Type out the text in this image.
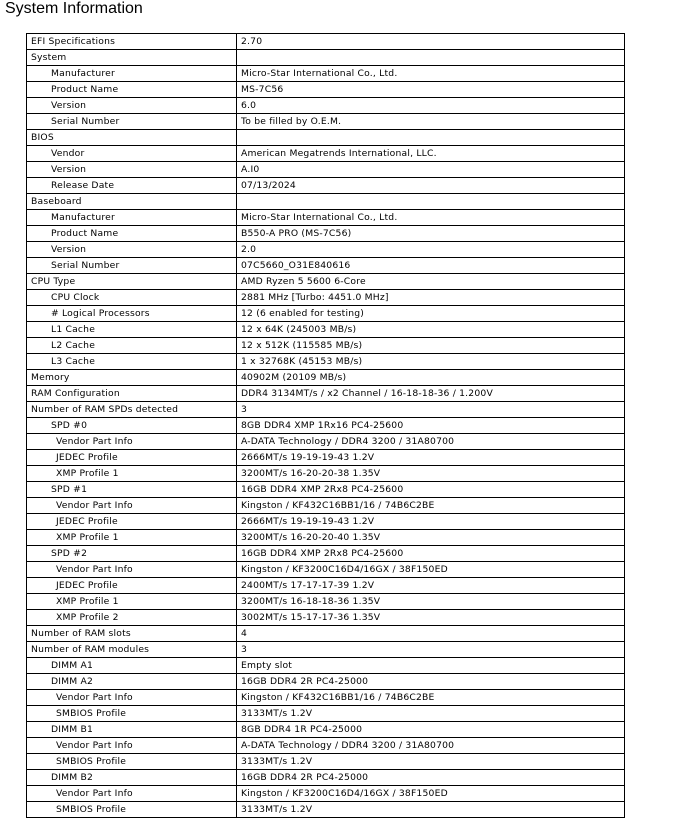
System Information
EFI Specifications	2.70
System	
Manufacturer	Micro-Star International Co., Ltd.
Product Name	MS-7C56
Version	6.0
Serial Number	To be filled by O.E.M.
BIOS	
Vendor	American Megatrends International, LLC.
Version	A.I0
Release Date	07/13/2024
Baseboard	
Manufacturer	Micro-Star International Co., Ltd.
Product Name	B550-A PRO (MS-7C56)
Version	2.0
Serial Number	07C5660_O31E840616
CPU Type	AMD Ryzen 5 5600 6-Core
CPU Clock	2881 MHz [Turbo: 4451.0 MHz]
# Logical Processors	12 (6 enabled for testing)
L1 Cache	12 x 64K (245003 MB/s)
L2 Cache	12 x 512K (115585 MB/s)
L3 Cache	1 x 32768K (45153 MB/s)
Memory	40902M (20109 MB/s)
RAM Configuration	DDR4 3134MT/s / x2 Channel / 16-18-18-36 / 1.200V
Number of RAM SPDs detected	3
SPD #0	8GB DDR4 XMP 1Rx16 PC4-25600
Vendor Part Info	A-DATA Technology / DDR4 3200 / 31A80700
JEDEC Profile	2666MT/s 19-19-19-43 1.2V
XMP Profile 1	3200MT/s 16-20-20-38 1.35V
SPD #1	16GB DDR4 XMP 2Rx8 PC4-25600
Vendor Part Info	Kingston / KF432C16BB1/16 / 74B6C2BE
JEDEC Profile	2666MT/s 19-19-19-43 1.2V
XMP Profile 1	3200MT/s 16-20-20-40 1.35V
SPD #2	16GB DDR4 XMP 2Rx8 PC4-25600
Vendor Part Info	Kingston / KF3200C16D4/16GX / 38F150ED
JEDEC Profile	2400MT/s 17-17-17-39 1.2V
XMP Profile 1	3200MT/s 16-18-18-36 1.35V
XMP Profile 2	3002MT/s 15-17-17-36 1.35V
Number of RAM slots	4
Number of RAM modules	3
DIMM A1	Empty slot
DIMM A2	16GB DDR4 2R PC4-25000
Vendor Part Info	Kingston / KF432C16BB1/16 / 74B6C2BE
SMBIOS Profile	3133MT/s 1.2V
DIMM B1	8GB DDR4 1R PC4-25000
Vendor Part Info	A-DATA Technology / DDR4 3200 / 31A80700
SMBIOS Profile	3133MT/s 1.2V
DIMM B2	16GB DDR4 2R PC4-25000
Vendor Part Info	Kingston / KF3200C16D4/16GX / 38F150ED
SMBIOS Profile	3133MT/s 1.2V
